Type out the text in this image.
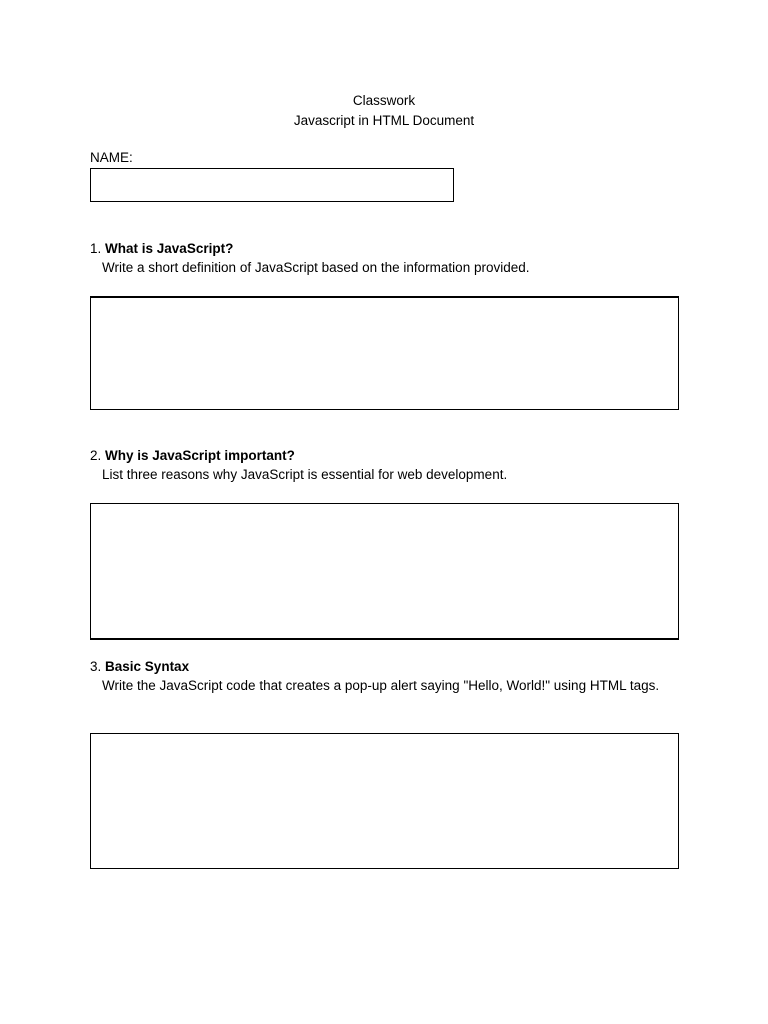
Classwork
Javascript in HTML Document
NAME:
1. What is JavaScript?
Write a short definition of JavaScript based on the information provided.
2. Why is JavaScript important?
List three reasons why JavaScript is essential for web development.
3. Basic Syntax
Write the JavaScript code that creates a pop-up alert saying "Hello, World!" using HTML tags.
